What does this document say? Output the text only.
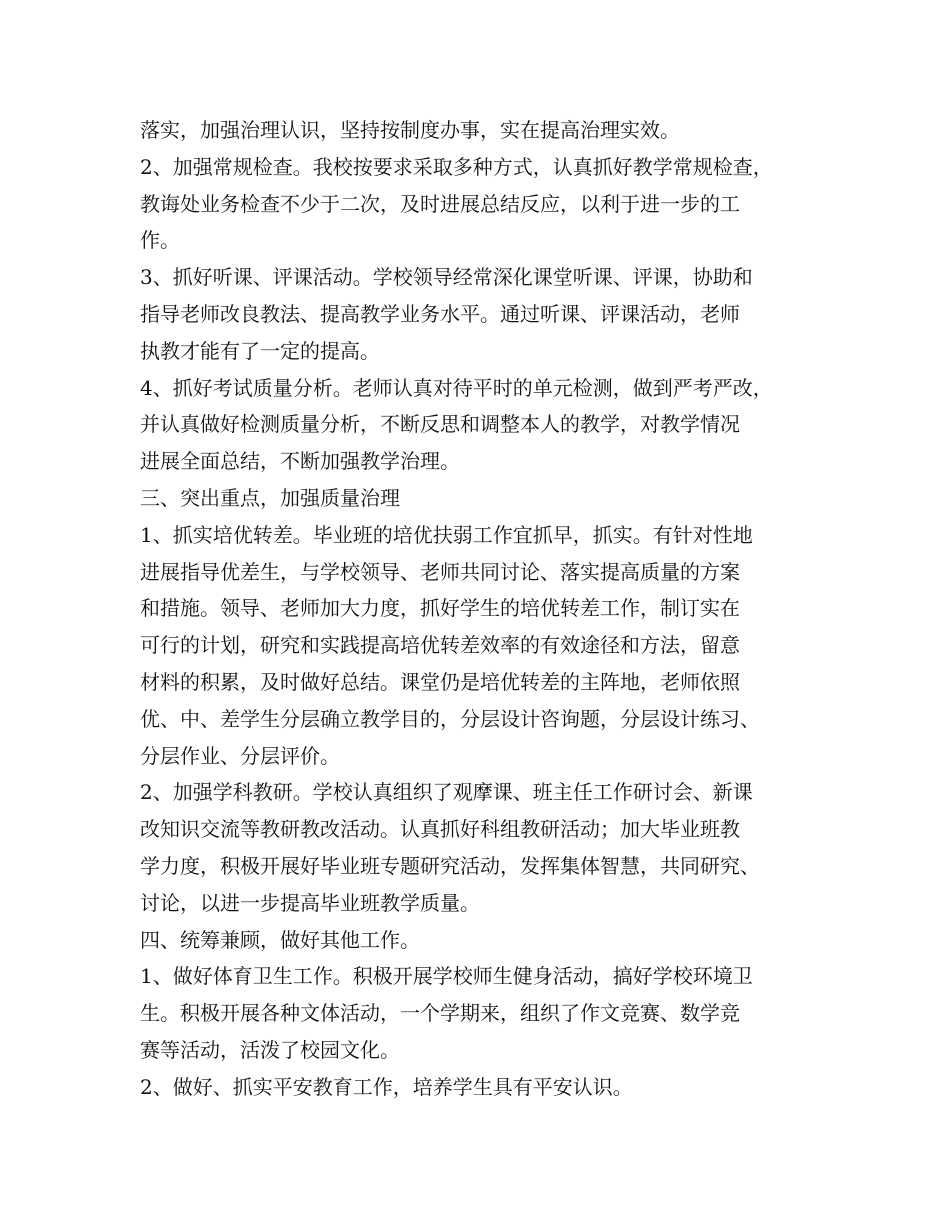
落实，加强治理认识，坚持按制度办事，实在提高治理实效。
2、加强常规检查。我校按要求采取多种方式，认真抓好教学常规检查，
教诲处业务检查不少于二次，及时进展总结反应，以利于进一步的工
作。
3、抓好听课、评课活动。学校领导经常深化课堂听课、评课，协助和
指导老师改良教法、提高教学业务水平。通过听课、评课活动，老师
执教才能有了一定的提高。
4、抓好考试质量分析。老师认真对待平时的单元检测，做到严考严改，
并认真做好检测质量分析，不断反思和调整本人的教学，对教学情况
进展全面总结，不断加强教学治理。
三、突出重点，加强质量治理
1、抓实培优转差。毕业班的培优扶弱工作宜抓早，抓实。有针对性地
进展指导优差生，与学校领导、老师共同讨论、落实提高质量的方案
和措施。领导、老师加大力度，抓好学生的培优转差工作，制订实在
可行的计划，研究和实践提高培优转差效率的有效途径和方法，留意
材料的积累，及时做好总结。课堂仍是培优转差的主阵地，老师依照
优、中、差学生分层确立教学目的，分层设计咨询题，分层设计练习、
分层作业、分层评价。
2、加强学科教研。学校认真组织了观摩课、班主任工作研讨会、新课
改知识交流等教研教改活动。认真抓好科组教研活动；加大毕业班教
学力度，积极开展好毕业班专题研究活动，发挥集体智慧，共同研究、
讨论，以进一步提高毕业班教学质量。
四、统筹兼顾，做好其他工作。
1、做好体育卫生工作。积极开展学校师生健身活动，搞好学校环境卫
生。积极开展各种文体活动，一个学期来，组织了作文竞赛、数学竞
赛等活动，活泼了校园文化。
2、做好、抓实平安教育工作，培养学生具有平安认识。
